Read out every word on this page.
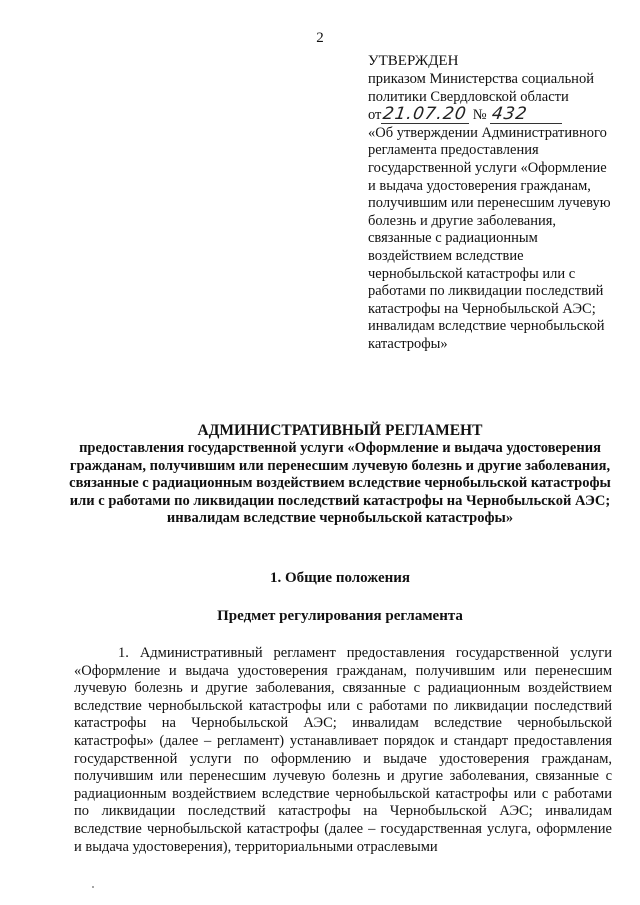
2
УТВЕРЖДЕН
приказом Министерства социальной
политики Свердловской области
от21.07.20 № 432
«Об утверждении Административного регламента предоставления государственной услуги «Оформление и выдача удостоверения гражданам, получившим или перенесшим лучевую болезнь и другие заболевания, связанные с радиационным воздействием вследствие чернобыльской катастрофы или с работами по ликвидации последствий катастрофы на Чернобыльской АЭС; инвалидам вследствие чернобыльской катастрофы»
АДМИНИСТРАТИВНЫЙ РЕГЛАМЕНТ
предоставления государственной услуги «Оформление и выдача удостоверения гражданам, получившим или перенесшим лучевую болезнь и другие заболевания, связанные с радиационным воздействием вследствие чернобыльской катастрофы или с работами по ликвидации последствий катастрофы на Чернобыльской АЭС; инвалидам вследствие чернобыльской катастрофы»
1. Общие положения
Предмет регулирования регламента
1. Административный регламент предоставления государственной услуги «Оформление и выдача удостоверения гражданам, получившим или перенесшим лучевую болезнь и другие заболевания, связанные с радиационным воздействием вследствие чернобыльской катастрофы или с работами по ликвидации последствий катастрофы на Чернобыльской АЭС; инвалидам вследствие чернобыльской катастрофы» (далее – регламент) устанавливает порядок и стандарт предоставления государственной услуги по оформлению и выдаче удостоверения гражданам, получившим или перенесшим лучевую болезнь и другие заболевания, связанные с радиационным воздействием вследствие чернобыльской катастрофы или с работами по ликвидации последствий катастрофы на Чернобыльской АЭС; инвалидам вследствие чернобыльской катастрофы (далее – государственная услуга, оформление и выдача удостоверения), территориальными отраслевыми
